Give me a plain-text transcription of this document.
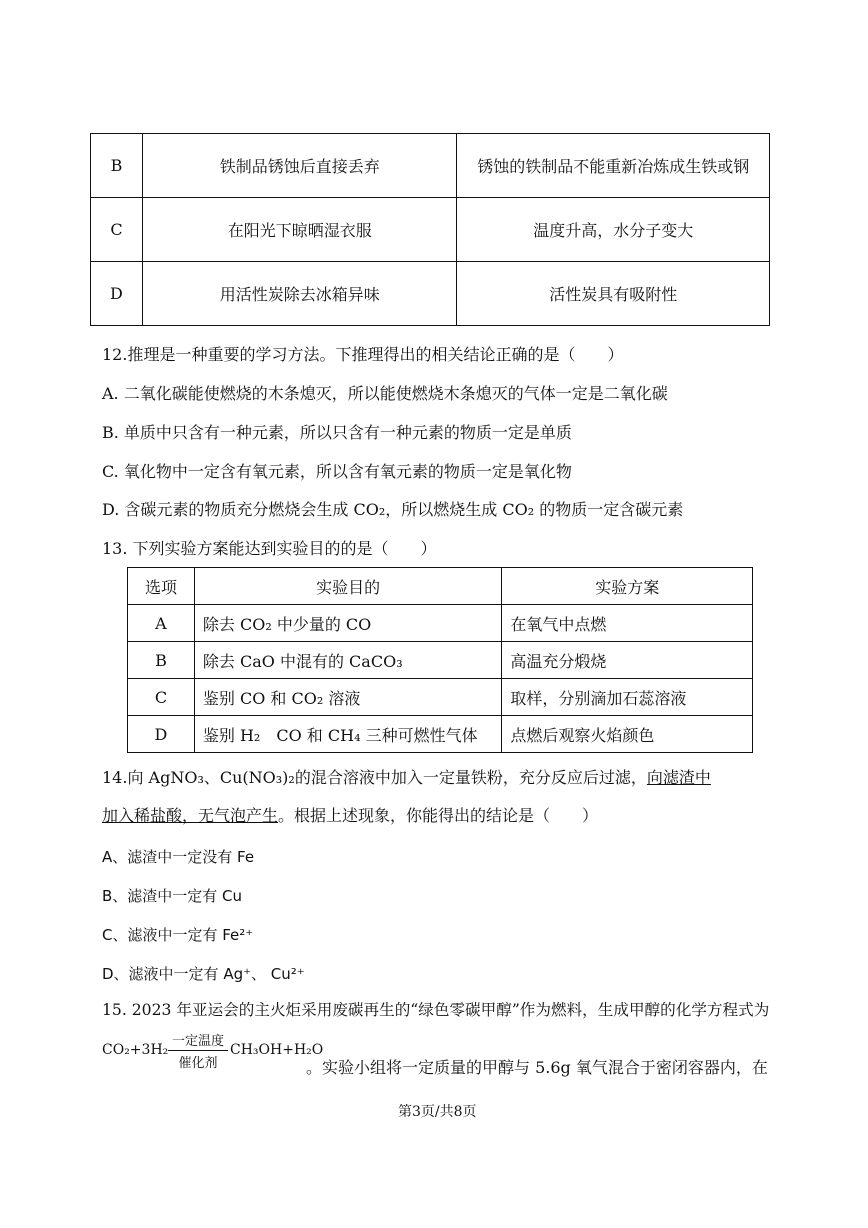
B	铁制品锈蚀后直接丢弃	锈蚀的铁制品不能重新冶炼成生铁或钢
C	在阳光下晾晒湿衣服	温度升高，水分子变大
D	用活性炭除去冰箱异味	活性炭具有吸附性
12.推理是一种重要的学习方法。下推理得出的相关结论正确的是（　　）
A. 二氧化碳能使燃烧的木条熄灭，所以能使燃烧木条熄灭的气体一定是二氧化碳
B. 单质中只含有一种元素，所以只含有一种元素的物质一定是单质
C. 氧化物中一定含有氧元素，所以含有氧元素的物质一定是氧化物
D. 含碳元素的物质充分燃烧会生成 CO₂，所以燃烧生成 CO₂ 的物质一定含碳元素
13. 下列实验方案能达到实验目的的是（　　）
选项	实验目的	实验方案
A	除去 CO₂ 中少量的 CO	在氧气中点燃
B	除去 CaO 中混有的 CaCO₃	高温充分煅烧
C	鉴别 CO 和 CO₂ 溶液	取样，分别滴加石蕊溶液
D	鉴别 H₂　CO 和 CH₄ 三种可燃性气体	点燃后观察火焰颜色
14.向 AgNO₃、Cu(NO₃)₂的混合溶液中加入一定量铁粉，充分反应后过滤，向滤渣中
加入稀盐酸，无气泡产生。根据上述现象，你能得出的结论是（　　）
A、滤渣中一定没有 Fe
B、滤渣中一定有 Cu
C、滤液中一定有 Fe²⁺
D、滤液中一定有 Ag⁺、 Cu²⁺
15. 2023 年亚运会的主火炬采用废碳再生的“绿色零碳甲醇”作为燃料，生成甲醇的化学方程式为
CO₂+3H₂
一定温度
催化剂
CH₃OH+H₂O
。实验小组将一定质量的甲醇与 5.6g 氧气混合于密闭容器内，在
第3页/共8页
